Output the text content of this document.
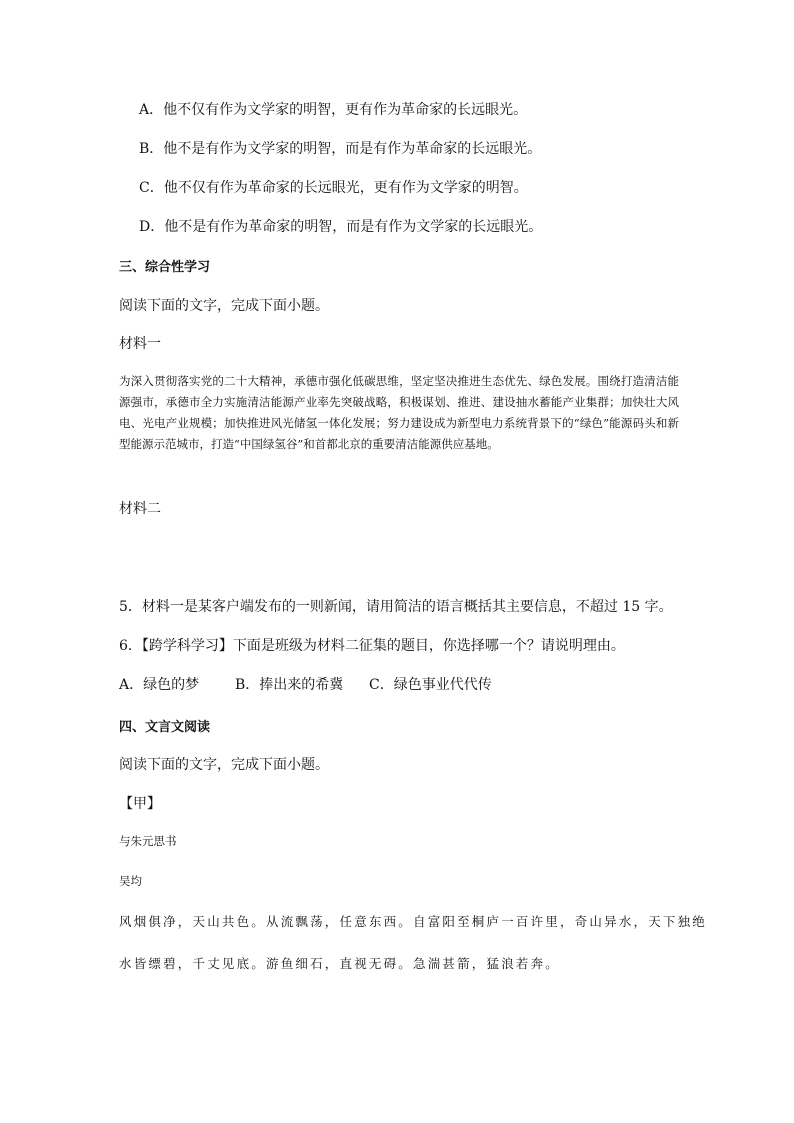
A．他不仅有作为文学家的明智，更有作为革命家的长远眼光。
B．他不是有作为文学家的明智，而是有作为革命家的长远眼光。
C．他不仅有作为革命家的长远眼光，更有作为文学家的明智。
D．他不是有作为革命家的明智，而是有作为文学家的长远眼光。
三、综合性学习
阅读下面的文字，完成下面小题。
材料一
为深入贯彻落实党的二十大精神，承德市强化低碳思维，坚定坚决推进生态优先、绿色发展。围绕打造清洁能源强市，承德市全力实施清洁能源产业率先突破战略，积极谋划、推进、建设抽水蓄能产业集群；加快壮大风电、光电产业规模；加快推进风光储氢一体化发展；努力建设成为新型电力系统背景下的“绿色”能源码头和新型能源示范城市，打造“中国绿氢谷”和首都北京的重要清洁能源供应基地。
材料二
5．材料一是某客户端发布的一则新闻，请用简洁的语言概括其主要信息，不超过 15 字。
6．【跨学科学习】下面是班级为材料二征集的题目，你选择哪一个？请说明理由。
A．绿色的梦	B．捧出来的希冀 C．绿色事业代代传
四、文言文阅读
阅读下面的文字，完成下面小题。
【甲】
与朱元思书
吴均
风烟俱净，天山共色。从流飘荡，任意东西。自富阳至桐庐一百许里，奇山异水，天下独绝
水皆缥碧，千丈见底。游鱼细石，直视无碍。急湍甚箭，猛浪若奔。
